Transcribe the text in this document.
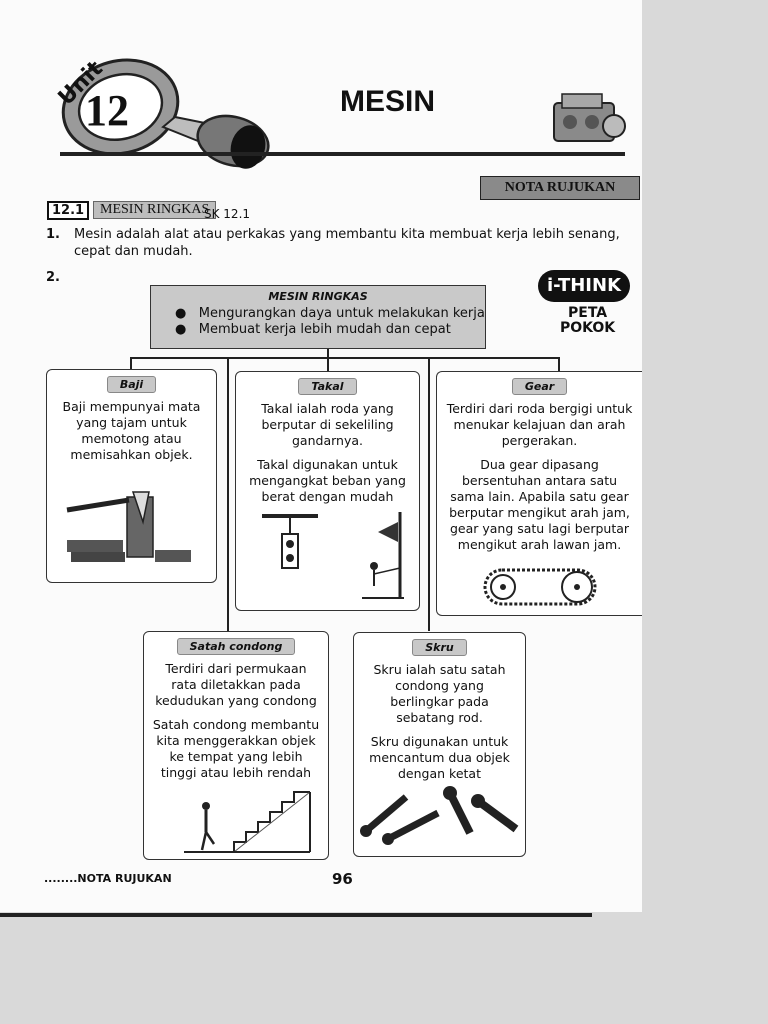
Unit
12	MESIN
NOTA RUJUKAN
12.1	MESIN RINGKAS
SK 12.1
1. Mesin adalah alat atau perkakas yang membantu kita membuat kerja lebih senang, cepat dan mudah.
2.	i-THINK
PETA
POKOK
MESIN RINGKAS
●   Mengurangkan daya untuk melakukan kerja
●   Membuat kerja lebih mudah dan cepat
Baji
Baji mempunyai mata yang tajam untuk memotong atau memisahkan objek.
Takal
Takal ialah roda yang berputar di sekeliling gandarnya.
Takal digunakan untuk mengangkat beban yang berat dengan mudah
Gear
Terdiri dari roda bergigi untuk menukar kelajuan dan arah pergerakan.
Dua gear dipasang bersentuhan antara satu sama lain. Apabila satu gear berputar mengikut arah jam, gear yang satu lagi berputar mengikut arah lawan jam.
Satah condong
Terdiri dari permukaan rata diletakkan pada kedudukan yang condong
Satah condong membantu kita menggerakkan objek ke tempat yang lebih tinggi atau lebih rendah
Skru
Skru ialah satu satah condong yang berlingkar pada sebatang rod.
Skru digunakan untuk mencantum dua objek dengan ketat
........NOTA RUJUKAN	96
